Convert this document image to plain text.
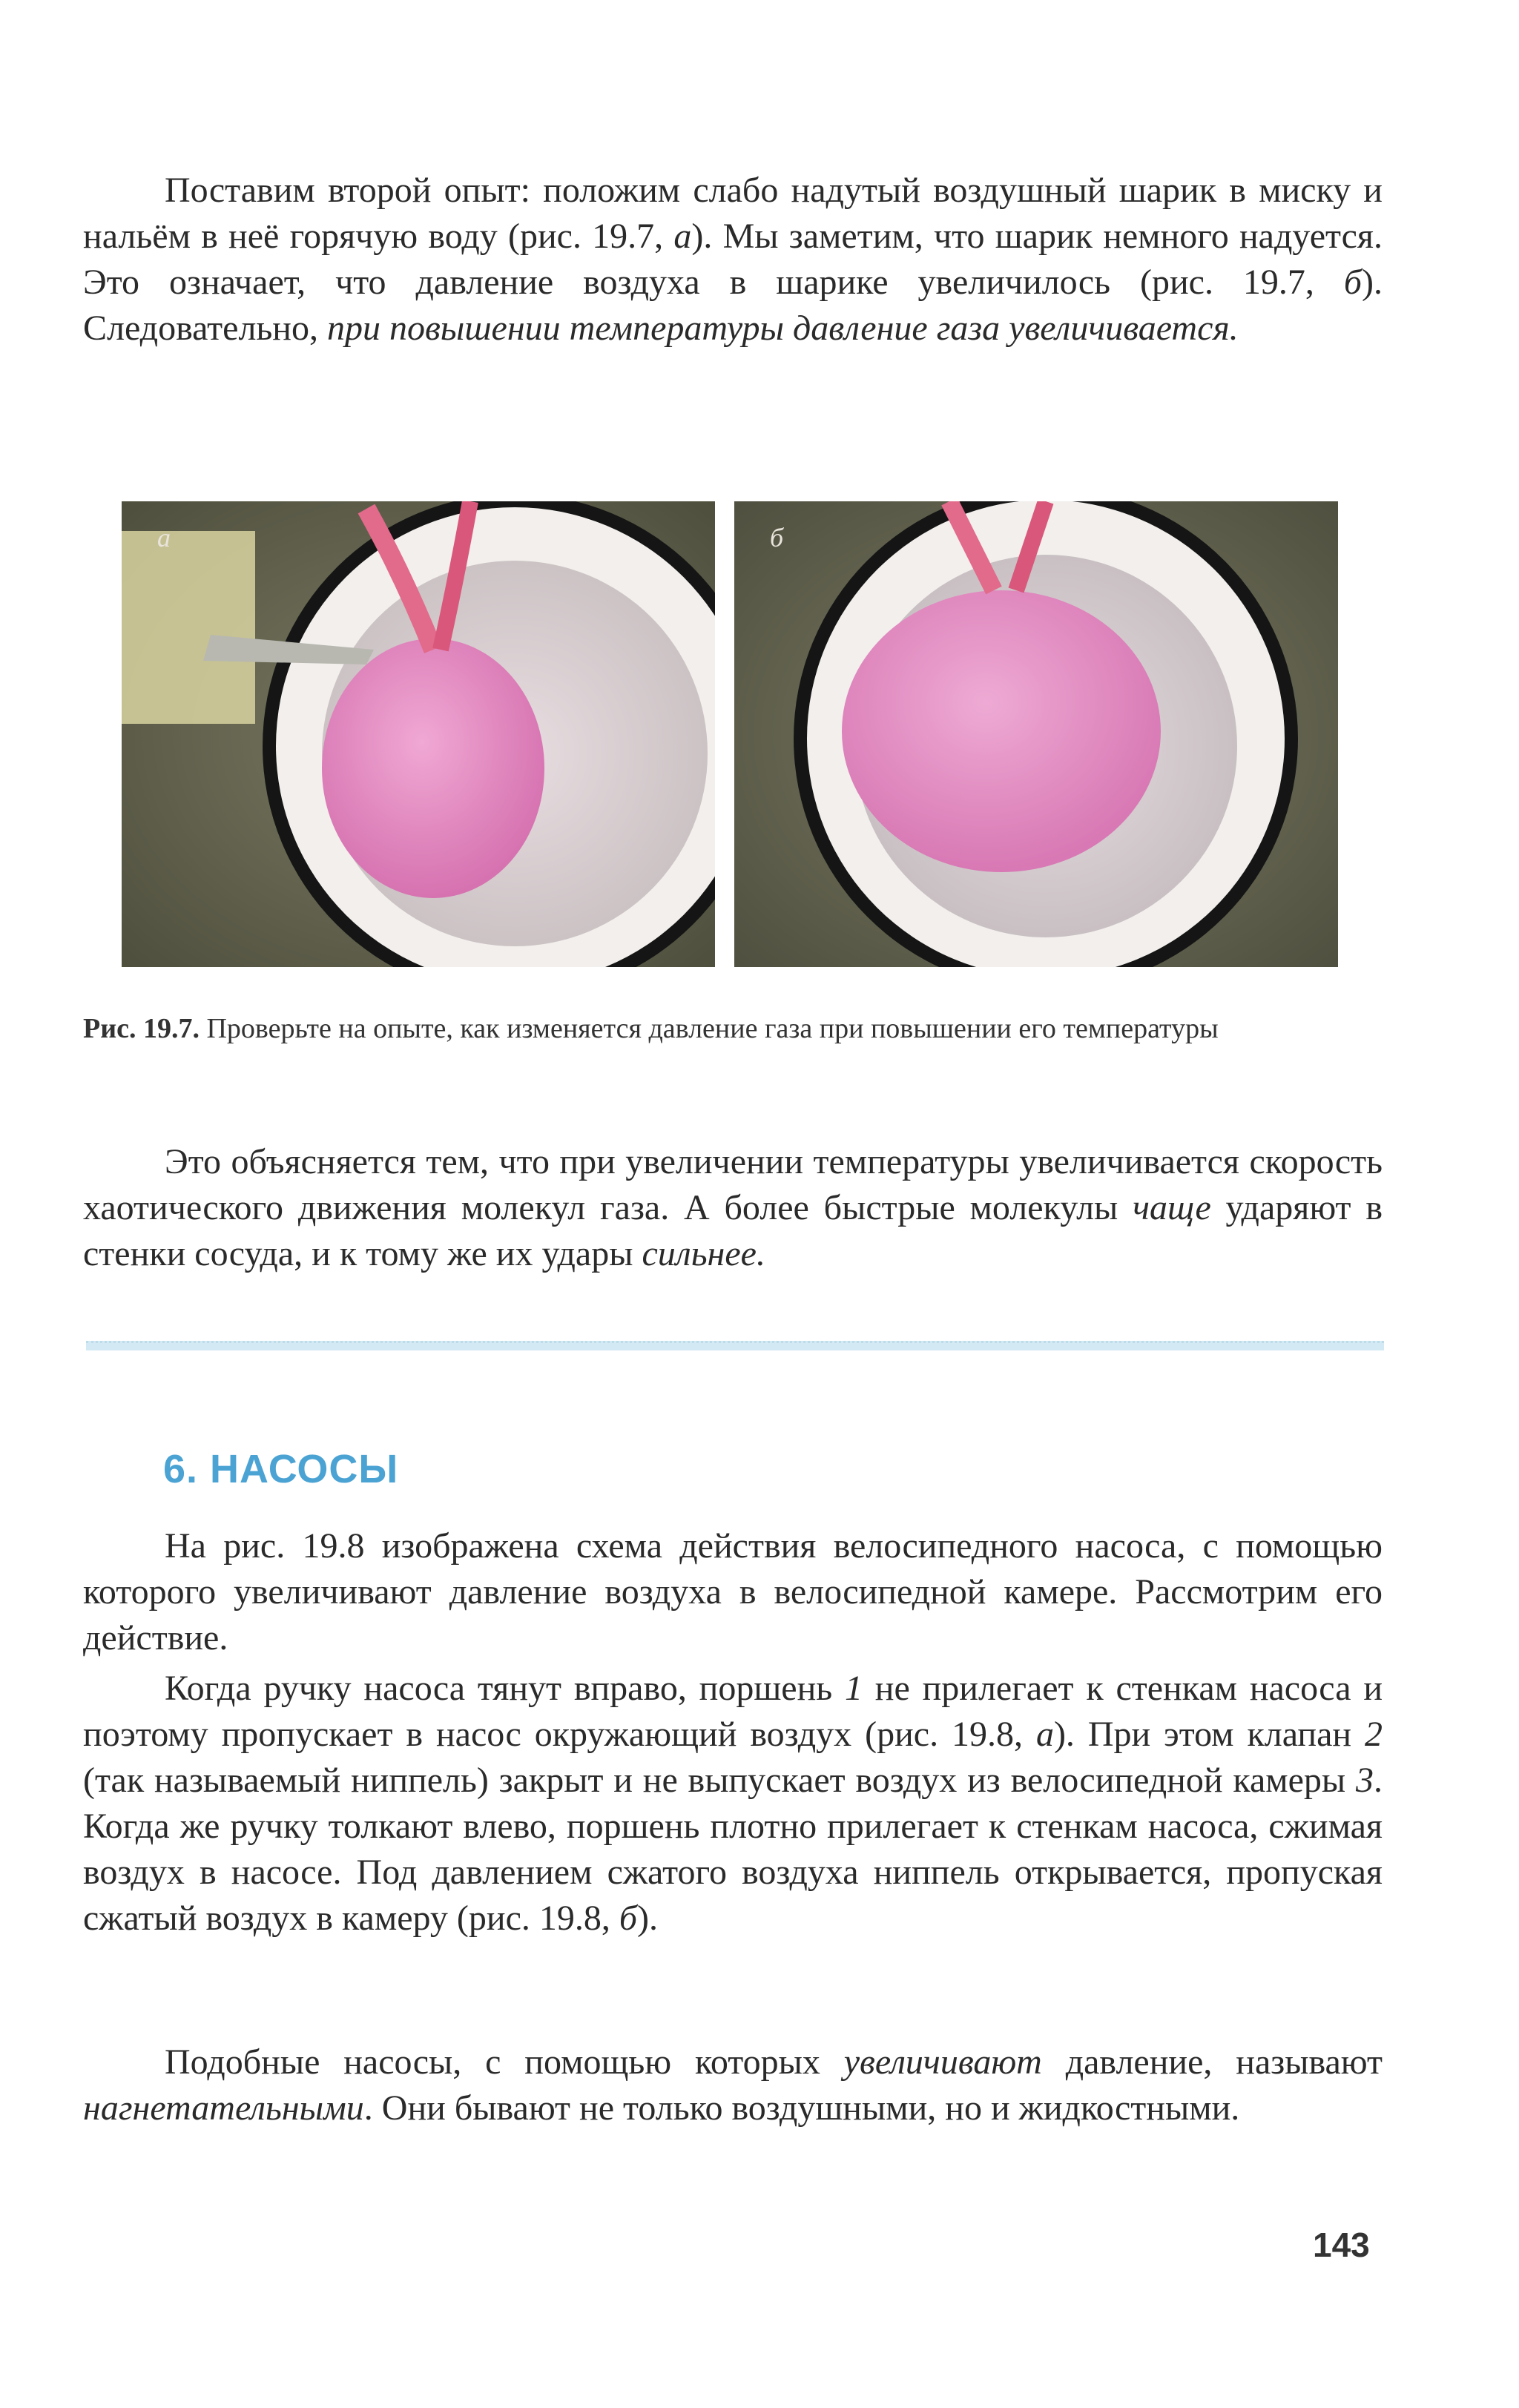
Поставим второй опыт: положим слабо надутый воздушный шарик в миску и нальём в неё горячую воду (рис. 19.7, а). Мы заметим, что шарик немного надуется. Это означает, что давление воздуха в шарике увеличилось (рис. 19.7, б). Следовательно, при повышении температуры давление газа увеличивается.

а	б

Рис. 19.7. Проверьте на опыте, как изменяется давление газа при повышении его температуры

Это объясняется тем, что при увеличении температуры увеличивается скорость хаотического движения молекул газа. А более быстрые молекулы чаще ударяют в стенки сосуда, и к тому же их удары сильнее.

6. НАСОСЫ

На рис. 19.8 изображена схема действия велосипедного насоса, с помощью которого увеличивают давление воздуха в велосипедной камере. Рассмотрим его действие.

Когда ручку насоса тянут вправо, поршень 1 не прилегает к стенкам насоса и поэтому пропускает в насос окружающий воздух (рис. 19.8, а). При этом клапан 2 (так называемый ниппель) закрыт и не выпускает воздух из велосипедной камеры 3. Когда же ручку толкают влево, поршень плотно прилегает к стенкам насоса, сжимая воздух в насосе. Под давлением сжатого воздуха ниппель открывается, пропуская сжатый воздух в камеру (рис. 19.8, б).

Подобные насосы, с помощью которых увеличивают давление, называют нагнетательными. Они бывают не только воздушными, но и жидкостными.

143
